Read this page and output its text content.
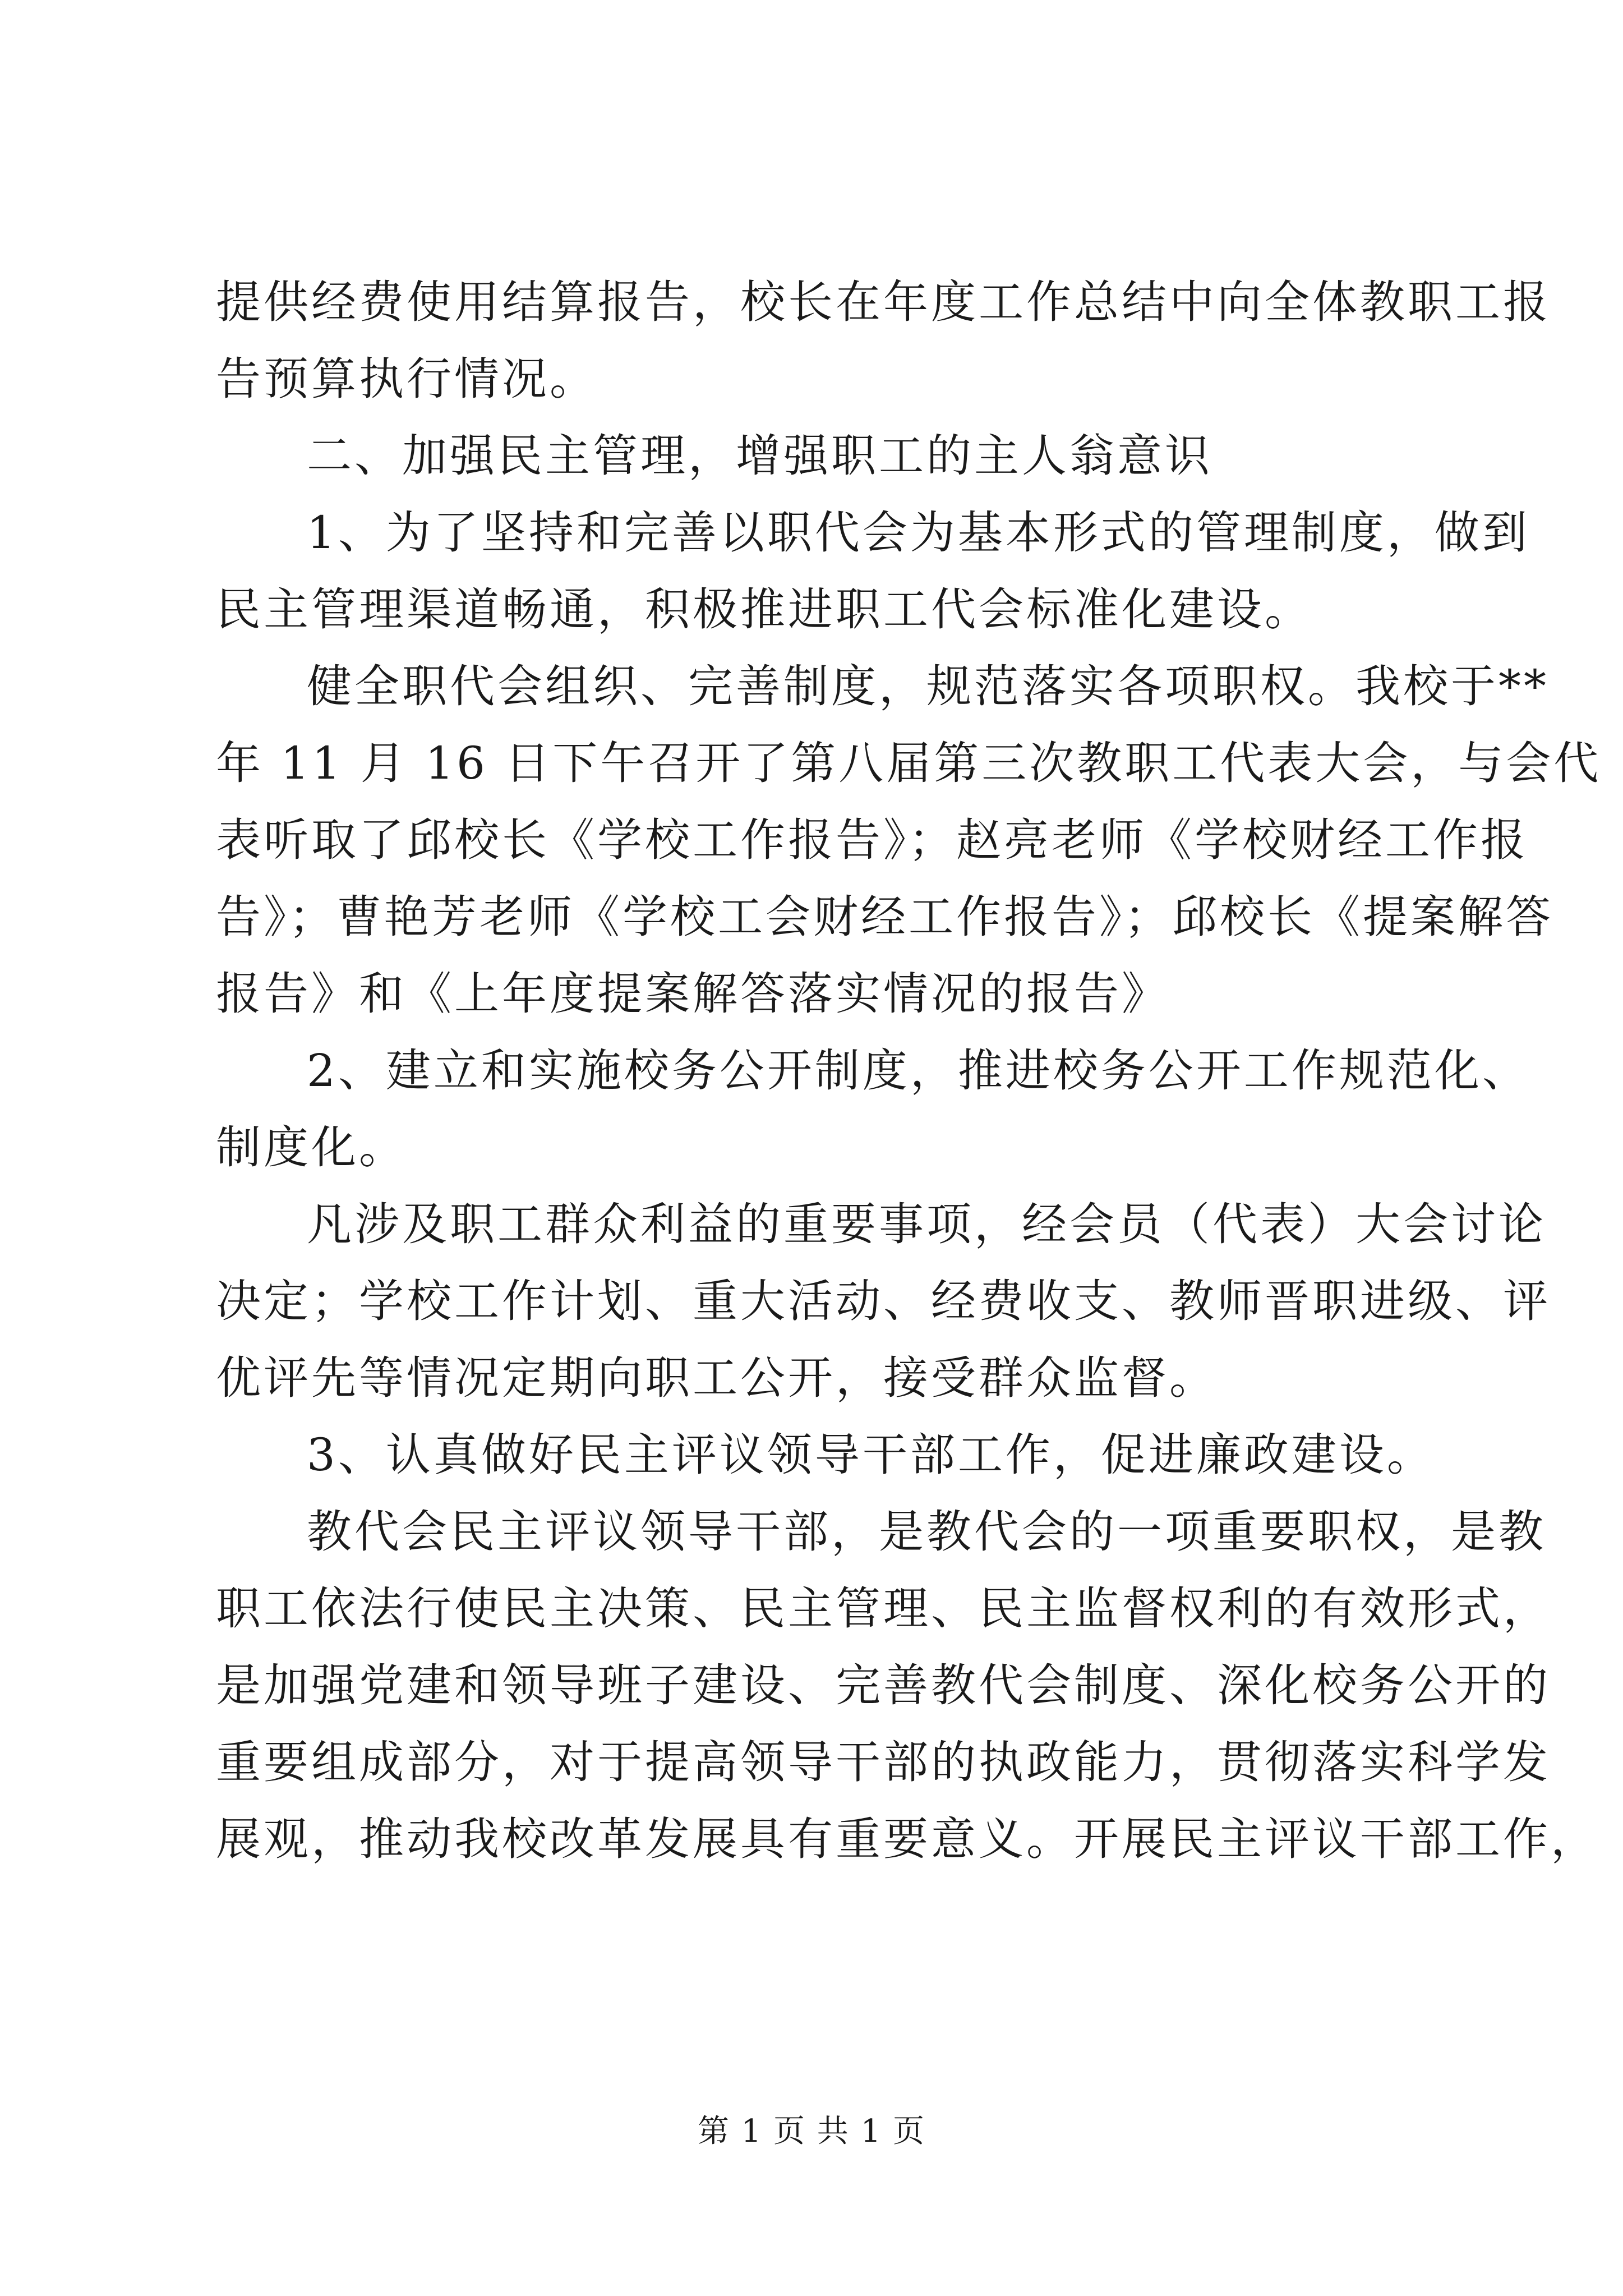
提供经费使用结算报告，校长在年度工作总结中向全体教职工报
告预算执行情况。
二、加强民主管理，增强职工的主人翁意识
1、为了坚持和完善以职代会为基本形式的管理制度，做到
民主管理渠道畅通，积极推进职工代会标准化建设。
健全职代会组织、完善制度，规范落实各项职权。我校于**
年 11 月 16 日下午召开了第八届第三次教职工代表大会，与会代
表听取了邱校长《学校工作报告》；赵亮老师《学校财经工作报
告》；曹艳芳老师《学校工会财经工作报告》；邱校长《提案解答
报告》和《上年度提案解答落实情况的报告》
2、建立和实施校务公开制度，推进校务公开工作规范化、
制度化。
凡涉及职工群众利益的重要事项，经会员（代表）大会讨论
决定；学校工作计划、重大活动、经费收支、教师晋职进级、评
优评先等情况定期向职工公开，接受群众监督。
3、认真做好民主评议领导干部工作，促进廉政建设。
教代会民主评议领导干部，是教代会的一项重要职权，是教
职工依法行使民主决策、民主管理、民主监督权利的有效形式，
是加强党建和领导班子建设、完善教代会制度、深化校务公开的
重要组成部分，对于提高领导干部的执政能力，贯彻落实科学发
展观，推动我校改革发展具有重要意义。开展民主评议干部工作，
第 1 页 共 1 页
